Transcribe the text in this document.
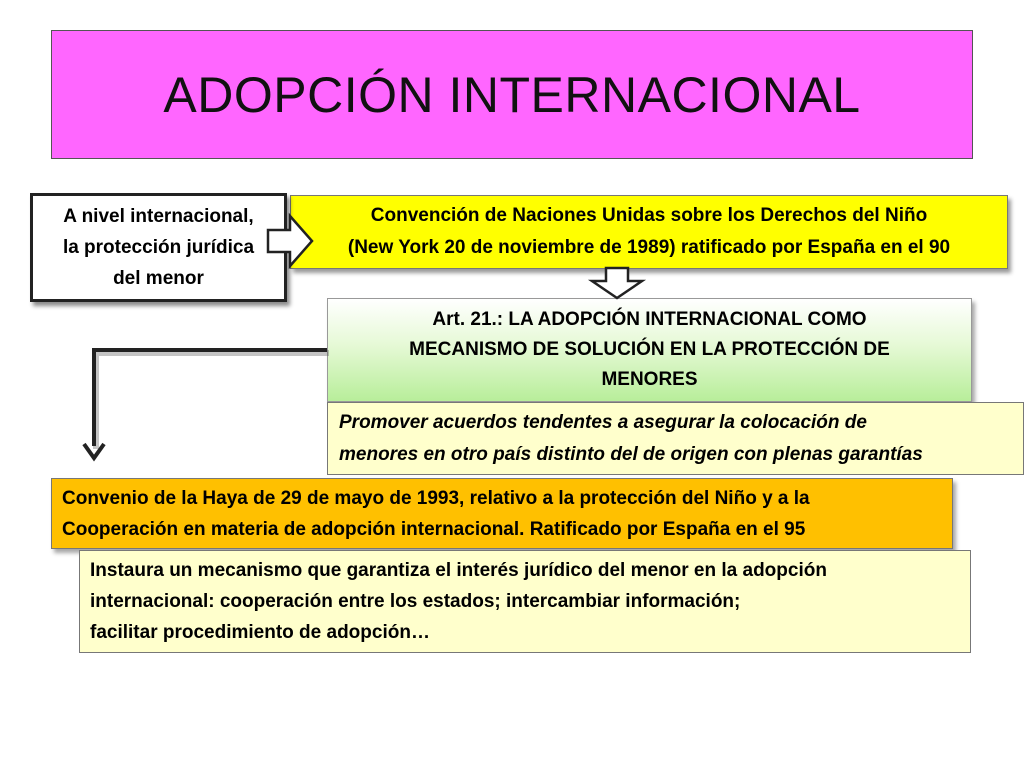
ADOPCIÓN INTERNACIONAL
A nivel internacional,
la protección jurídica
del menor
Convención de Naciones Unidas sobre los Derechos del Niño
(New York 20 de noviembre de 1989) ratificado por España en el 90
Art. 21.: LA ADOPCIÓN INTERNACIONAL COMO
MECANISMO DE SOLUCIÓN EN LA PROTECCIÓN DE
MENORES
Promover acuerdos tendentes a asegurar la colocación de
menores en otro país distinto del de origen con plenas garantías
Convenio de la Haya de 29 de mayo de 1993, relativo a la protección del Niño y a la
Cooperación en materia de adopción internacional. Ratificado por España en el 95
Instaura un mecanismo que garantiza el interés jurídico del menor en la adopción
internacional: cooperación entre los estados; intercambiar información;
facilitar procedimiento de adopción…
